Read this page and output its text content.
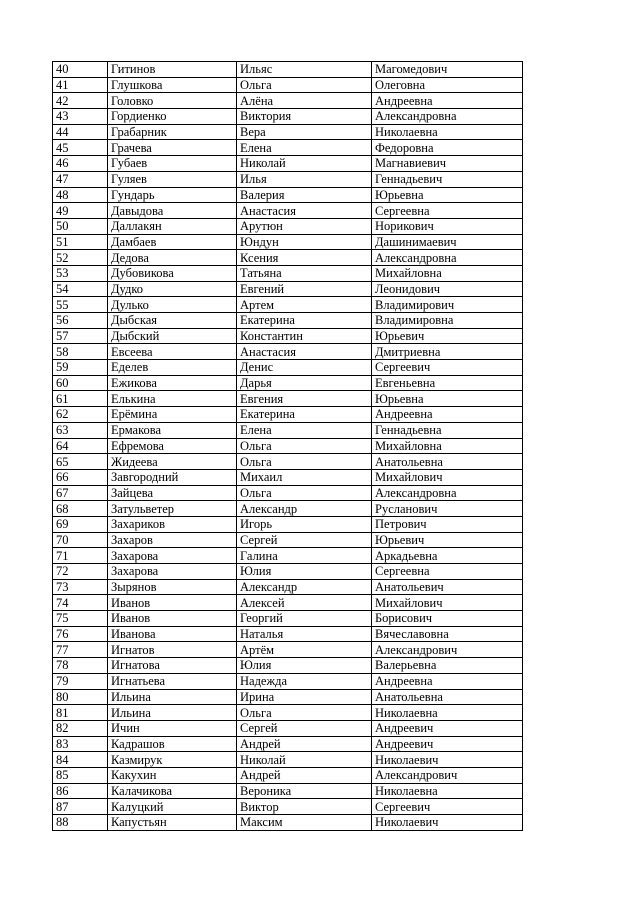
40	Гитинов	Ильяс	Магомедович
41	Глушкова	Ольга	Олеговна
42	Головко	Алёна	Андреевна
43	Гордиенко	Виктория	Александровна
44	Грабарник	Вера	Николаевна
45	Грачева	Елена	Федоровна
46	Губаев	Николай	Магнавиевич
47	Гуляев	Илья	Геннадьевич
48	Гундарь	Валерия	Юрьевна
49	Давыдова	Анастасия	Сергеевна
50	Даллакян	Арутюн	Норикович
51	Дамбаев	Юндун	Дашинимаевич
52	Дедова	Ксения	Александровна
53	Дубовикова	Татьяна	Михайловна
54	Дудко	Евгений	Леонидович
55	Дулько	Артем	Владимирович
56	Дыбская	Екатерина	Владимировна
57	Дыбский	Константин	Юрьевич
58	Евсеева	Анастасия	Дмитриевна
59	Еделев	Денис	Сергеевич
60	Ежикова	Дарья	Евгеньевна
61	Елькина	Евгения	Юрьевна
62	Ерёмина	Екатерина	Андреевна
63	Ермакова	Елена	Геннадьевна
64	Ефремова	Ольга	Михайловна
65	Жидеева	Ольга	Анатольевна
66	Завгородний	Михаил	Михайлович
67	Зайцева	Ольга	Александровна
68	Затульветер	Александр	Русланович
69	Захариков	Игорь	Петрович
70	Захаров	Сергей	Юрьевич
71	Захарова	Галина	Аркадьевна
72	Захарова	Юлия	Сергеевна
73	Зырянов	Александр	Анатольевич
74	Иванов	Алексей	Михайлович
75	Иванов	Георгий	Борисович
76	Иванова	Наталья	Вячеславовна
77	Игнатов	Артём	Александрович
78	Игнатова	Юлия	Валерьевна
79	Игнатьева	Надежда	Андреевна
80	Ильина	Ирина	Анатольевна
81	Ильина	Ольга	Николаевна
82	Ичин	Сергей	Андреевич
83	Кадрашов	Андрей	Андреевич
84	Казмирук	Николай	Николаевич
85	Какухин	Андрей	Александрович
86	Калачикова	Вероника	Николаевна
87	Калуцкий	Виктор	Сергеевич
88	Капустьян	Максим	Николаевич
